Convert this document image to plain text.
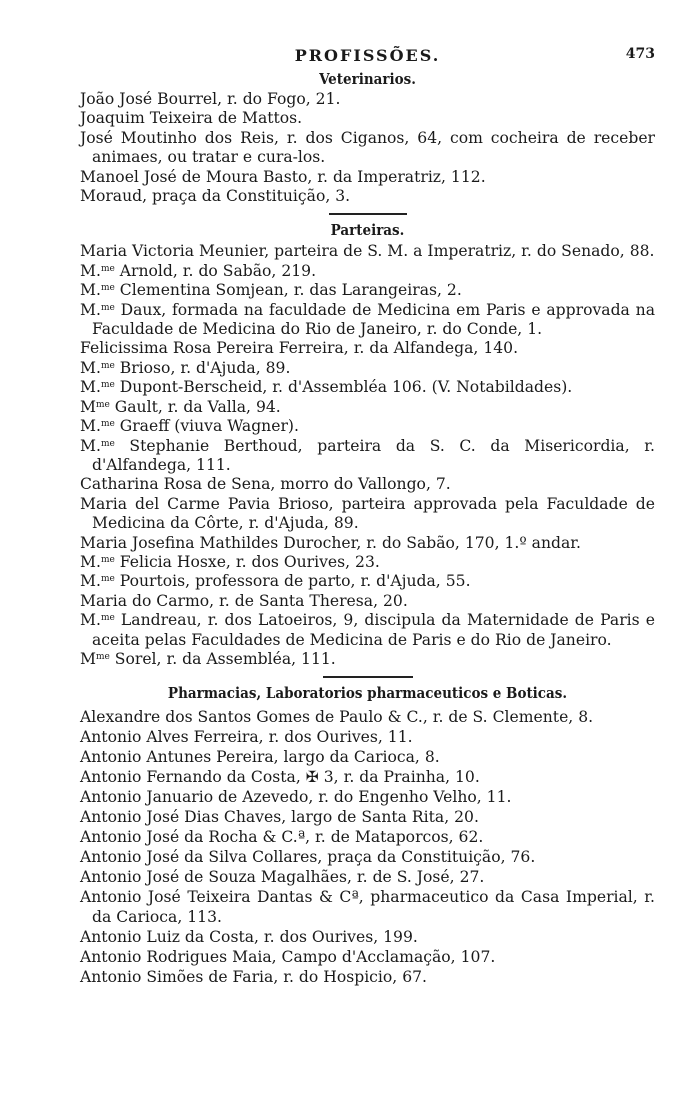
PROFISSÕES.	473
Veterinarios.
João José Bourrel, r. do Fogo, 21.
Joaquim Teixeira de Mattos.
José Moutinho dos Reis, r. dos Ciganos, 64, com cocheira de receber animaes, ou tratar e cura-los.
Manoel José de Moura Basto, r. da Imperatriz, 112.
Moraud, praça da Constituição, 3.
Parteiras.
Maria Victoria Meunier, parteira de S. M. a Imperatriz, r. do Senado, 88.
M.$^{me}$ Arnold, r. do Sabão, 219.
M.$^{me}$ Clementina Somjean, r. das Larangeiras, 2.
M.$^{me}$ Daux, formada na faculdade de Medicina em Paris e approvada na Faculdade de Medicina do Rio de Janeiro, r. do Conde, 1.
Felicissima Rosa Pereira Ferreira, r. da Alfandega, 140.
M.$^{me}$ Brioso, r. d'Ajuda, 89.
M.$^{me}$ Dupont-Berscheid, r. d'Assembléa 106. (V. Notabildades).
$M^{me}$ Gault, r. da Valla, 94.
M.$^{me}$ Graeff (viuva Wagner).
M.$^{me}$ Stephanie Berthoud, parteira da S. C. da Misericordia, r. d'Alfandega, 111.
Catharina Rosa de Sena, morro do Vallongo, 7.
Maria del Carme Pavia Brioso, parteira approvada pela Faculdade de Medicina da Côrte, r. d'Ajuda, 89.
Maria Josefina Mathildes Durocher, r. do Sabão, 170, 1.º andar.
M.$^{me}$ Felicia Hosxe, r. dos Ourives, 23.
M.$^{me}$ Pourtois, professora de parto, r. d'Ajuda, 55.
Maria do Carmo, r. de Santa Theresa, 20.
M.$^{me}$ Landreau, r. dos Latoeiros, 9, discipula da Maternidade de Paris e aceita pelas Faculdades de Medicina de Paris e do Rio de Janeiro.
$M^{me}$ Sorel, r. da Assembléa, 111.
Pharmacias, Laboratorios pharmaceuticos e Boticas.
Alexandre dos Santos Gomes de Paulo & C., r. de S. Clemente, 8.
Antonio Alves Ferreira, r. dos Ourives, 11.
Antonio Antunes Pereira, largo da Carioca, 8.
Antonio Fernando da Costa, ✠ 3, r. da Prainha, 10.
Antonio Januario de Azevedo, r. do Engenho Velho, 11.
Antonio José Dias Chaves, largo de Santa Rita, 20.
Antonio José da Rocha & C.ª, r. de Mataporcos, 62.
Antonio José da Silva Collares, praça da Constituição, 76.
Antonio José de Souza Magalhães, r. de S. José, 27.
Antonio José Teixeira Dantas & Cª, pharmaceutico da Casa Imperial, r. da Carioca, 113.
Antonio Luiz da Costa, r. dos Ourives, 199.
Antonio Rodrigues Maia, Campo d'Acclamação, 107.
Antonio Simões de Faria, r. do Hospicio, 67.
